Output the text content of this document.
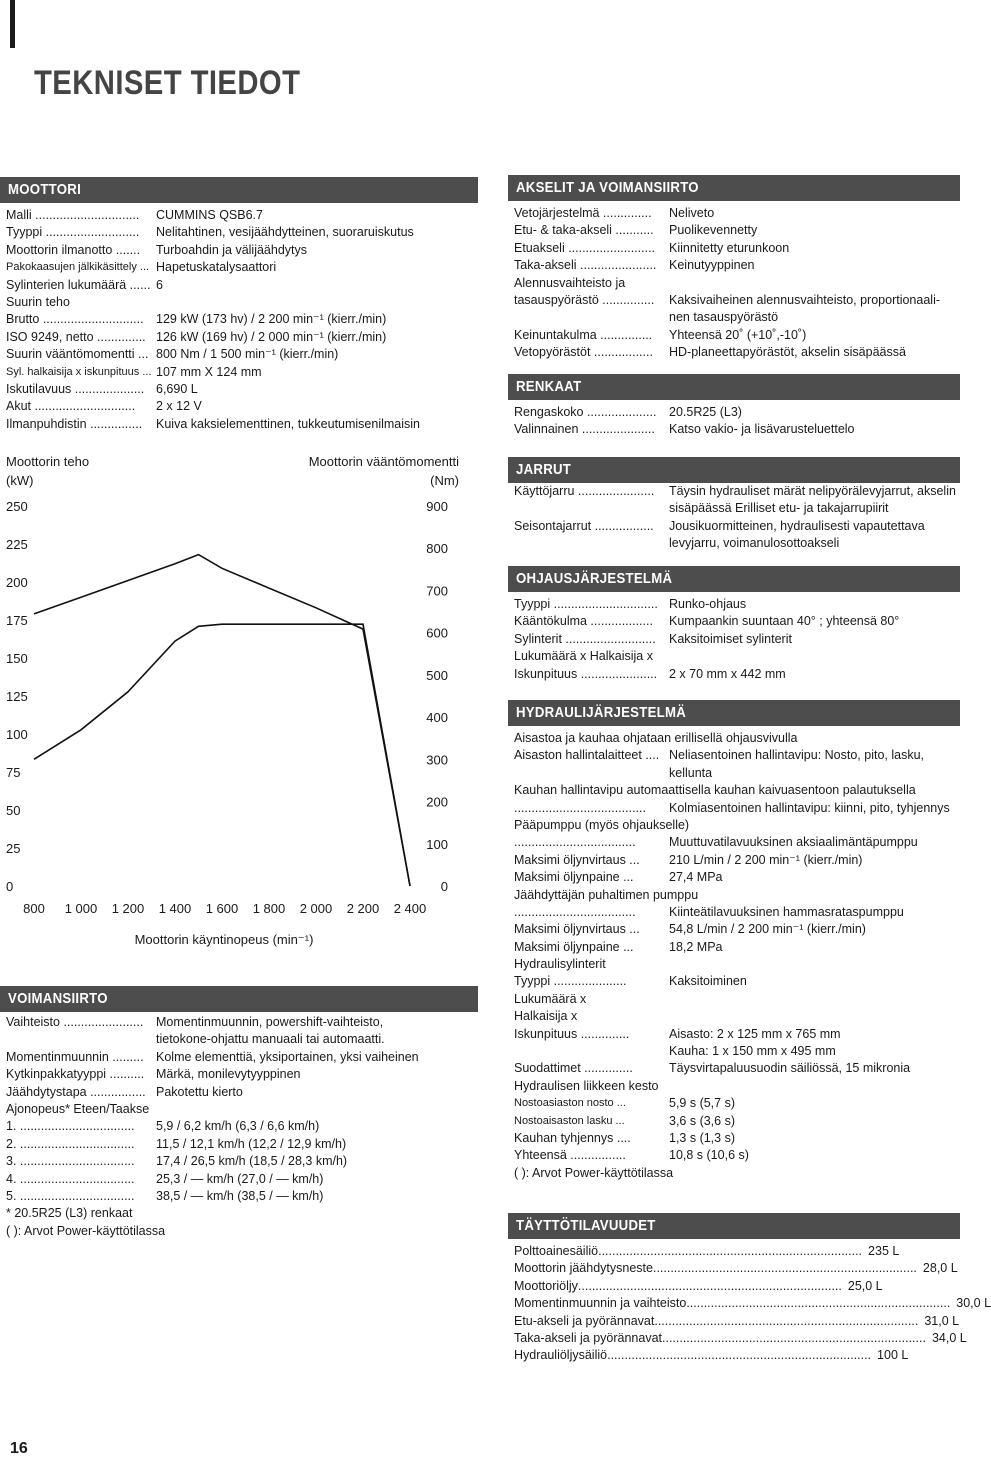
TEKNISET TIEDOT
MOOTTORI
Malli ..............................	CUMMINS QSB6.7
Tyyppi ...........................	Nelitahtinen, vesijäähdytteinen, suoraruiskutus
Moottorin ilmanotto .......	Turboahdin ja välijäähdytys
Pakokaasujen jälkikäsittely ... Hapetuskatalysaattori
Sylinterien lukumäärä ...... 6
Suurin teho
Brutto ............................. 129 kW (173 hv) / 2 200 min⁻¹ (kierr./min)
ISO 9249, netto .............. 126 kW (169 hv) / 2 000 min⁻¹ (kierr./min)
Suurin vääntömomentti ... 800 Nm / 1 500 min⁻¹ (kierr./min)
Syl. halkaisija x iskunpituus ... 107 mm X 124 mm
Iskutilavuus .................... 6,690 L
Akut .............................	2 x 12 V
Ilmanpuhdistin ...............	Kuiva kaksielementtinen, tukkeutumisenilmaisin
Moottorin teho
(kW)
Moottorin vääntömomentti
(Nm)
250
225
200
175
150
125
100
75
50
25
0
900
800
700
600
500
400
300
200
100
0
800 1 000 1 200 1 400 1 600 1 800 2 000 2 200 2 400
Moottorin käyntinopeus (min⁻¹)
VOIMANSIIRTO
Vaihteisto .......................	Momentinmuunnin, powershift-vaihteisto,
tietokone-ohjattu manuaali tai automaatti.
Momentinmuunnin ......... Kolme elementtiä, yksiportainen, yksi vaiheinen
Kytkinpakkatyyppi .......... Märkä, monilevytyyppinen
Jäähdytystapa ................ Pakotettu kierto
Ajonopeus* Eteen/Taakse
1. .................................	5,9 / 6,2 km/h (6,3 / 6,6 km/h)
2. .................................	11,5 / 12,1 km/h (12,2 / 12,9 km/h)
3. .................................	17,4 / 26,5 km/h (18,5 / 28,3 km/h)
4. .................................	25,3 / — km/h (27,0 / — km/h)
5. .................................	38,5 / — km/h (38,5 / — km/h)
* 20.5R25 (L3) renkaat
( ): Arvot Power-käyttötilassa
AKSELIT JA VOIMANSIIRTO
Vetojärjestelmä ..............	Neliveto
Etu- & taka-akseli ...........	Puolikevennetty
Etuakseli .........................	Kiinnitetty eturunkoon
Taka-akseli ......................	Keinutyyppinen
Alennusvaihteisto ja
tasauspyörästö ...............	Kaksivaiheinen alennusvaihteisto, proportionaali-
nen tasauspyörästö
Keinuntakulma ...............	Yhteensä 20˚ (+10˚,-10˚)
Vetopyörästöt .................	HD-planeettapyörästöt, akselin sisäpäässä
RENKAAT
Rengaskoko ....................	20.5R25 (L3)
Valinnainen .....................	Katso vakio- ja lisävarusteluettelo
JARRUT
Käyttöjarru ......................	Täysin hydrauliset märät nelipyörälevyjarrut, akselin
sisäpäässä Erilliset etu- ja takajarrupiirit
Seisontajarrut .................	Jousikuormitteinen, hydraulisesti vapautettava
levyjarru, voimanulosottoakseli
OHJAUSJÄRJESTELMÄ
Tyyppi .............................. Runko-ohjaus
Kääntökulma ..................	Kumpaankin suuntaan 40° ; yhteensä 80°
Sylinterit ..........................	Kaksitoimiset sylinterit
Lukumäärä x Halkaisija x
Iskunpituus ...................... 2 x 70 mm x 442 mm
HYDRAULIJÄRJESTELMÄ
Aisastoa ja kauhaa ohjataan erillisellä ohjausvivulla
Aisaston hallintalaitteet .... Neliasentoinen hallintavipu: Nosto, pito, lasku,
kellunta
Kauhan hallintavipu automaattisella kauhan kaivuasentoon palautuksella
......................................	Kolmiasentoinen hallintavipu: kiinni, pito, tyhjennys
Pääpumppu (myös ohjaukselle)
...................................	Muuttuvatilavuuksinen aksiaalimäntäpumppu
Maksimi öljynvirtaus ...	210 L/min / 2 200 min⁻¹ (kierr./min)
Maksimi öljynpaine ...	27,4 MPa
Jäähdyttäjän puhaltimen pumppu
...................................	Kiinteätilavuuksinen hammasrataspumppu
Maksimi öljynvirtaus ...	54,8 L/min / 2 200 min⁻¹ (kierr./min)
Maksimi öljynpaine ...	18,2 MPa
Hydraulisylinterit
Tyyppi .....................	Kaksitoiminen
Lukumäärä x
Halkaisija x
Iskunpituus ..............	Aisasto: 2 x 125 mm x 765 mm
Kauha: 1 x 150 mm x 495 mm
Suodattimet ..............	Täysvirtapaluusuodin säiliössä, 15 mikronia
Hydraulisen liikkeen kesto
Nostoasiaston nosto ...	5,9 s (5,7 s)
Nostoaisaston lasku ...	3,6 s (3,6 s)
Kauhan tyhjennys ....	1,3 s (1,3 s)
Yhteensä ................	10,8 s (10,6 s)
( ): Arvot Power-käyttötilassa
TÄYTTÖTILAVUUDET
Polttoainesäiliö ............................................................................ 235 L
Moottorin jäähdytysneste ............................................................................ 28,0 L
Moottoriöljy ............................................................................ 25,0 L
Momentinmuunnin ja vaihteisto ............................................................................ 30,0 L
Etu-akseli ja pyörännavat ............................................................................ 31,0 L
Taka-akseli ja pyörännavat ............................................................................ 34,0 L
Hydrauliöljysäiliö ............................................................................ 100 L
16
